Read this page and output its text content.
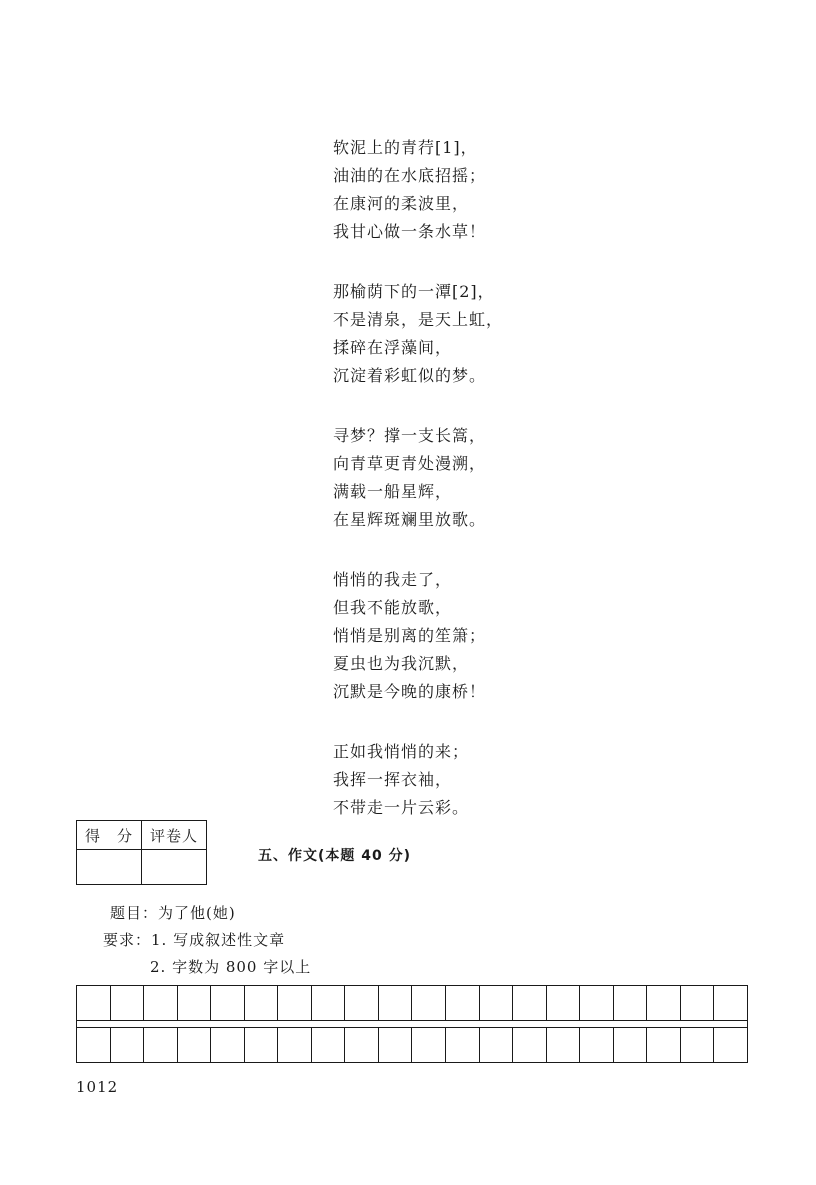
软泥上的青荇[1]，
油油的在水底招摇；
在康河的柔波里，
我甘心做一条水草！
那榆荫下的一潭[2]，
不是清泉，是天上虹，
揉碎在浮藻间，
沉淀着彩虹似的梦。
寻梦？撑一支长篙，
向青草更青处漫溯，
满载一船星辉，
在星辉斑斓里放歌。
悄悄的我走了，
但我不能放歌，
悄悄是别离的笙箫；
夏虫也为我沉默，
沉默是今晚的康桥！
正如我悄悄的来；
我挥一挥衣袖，
不带走一片云彩。
得　分	评卷人

五、作文(本题 40 分)
题目：为了他(她)
要求：1. 写成叙述性文章
2. 字数为 800 字以上
1012
